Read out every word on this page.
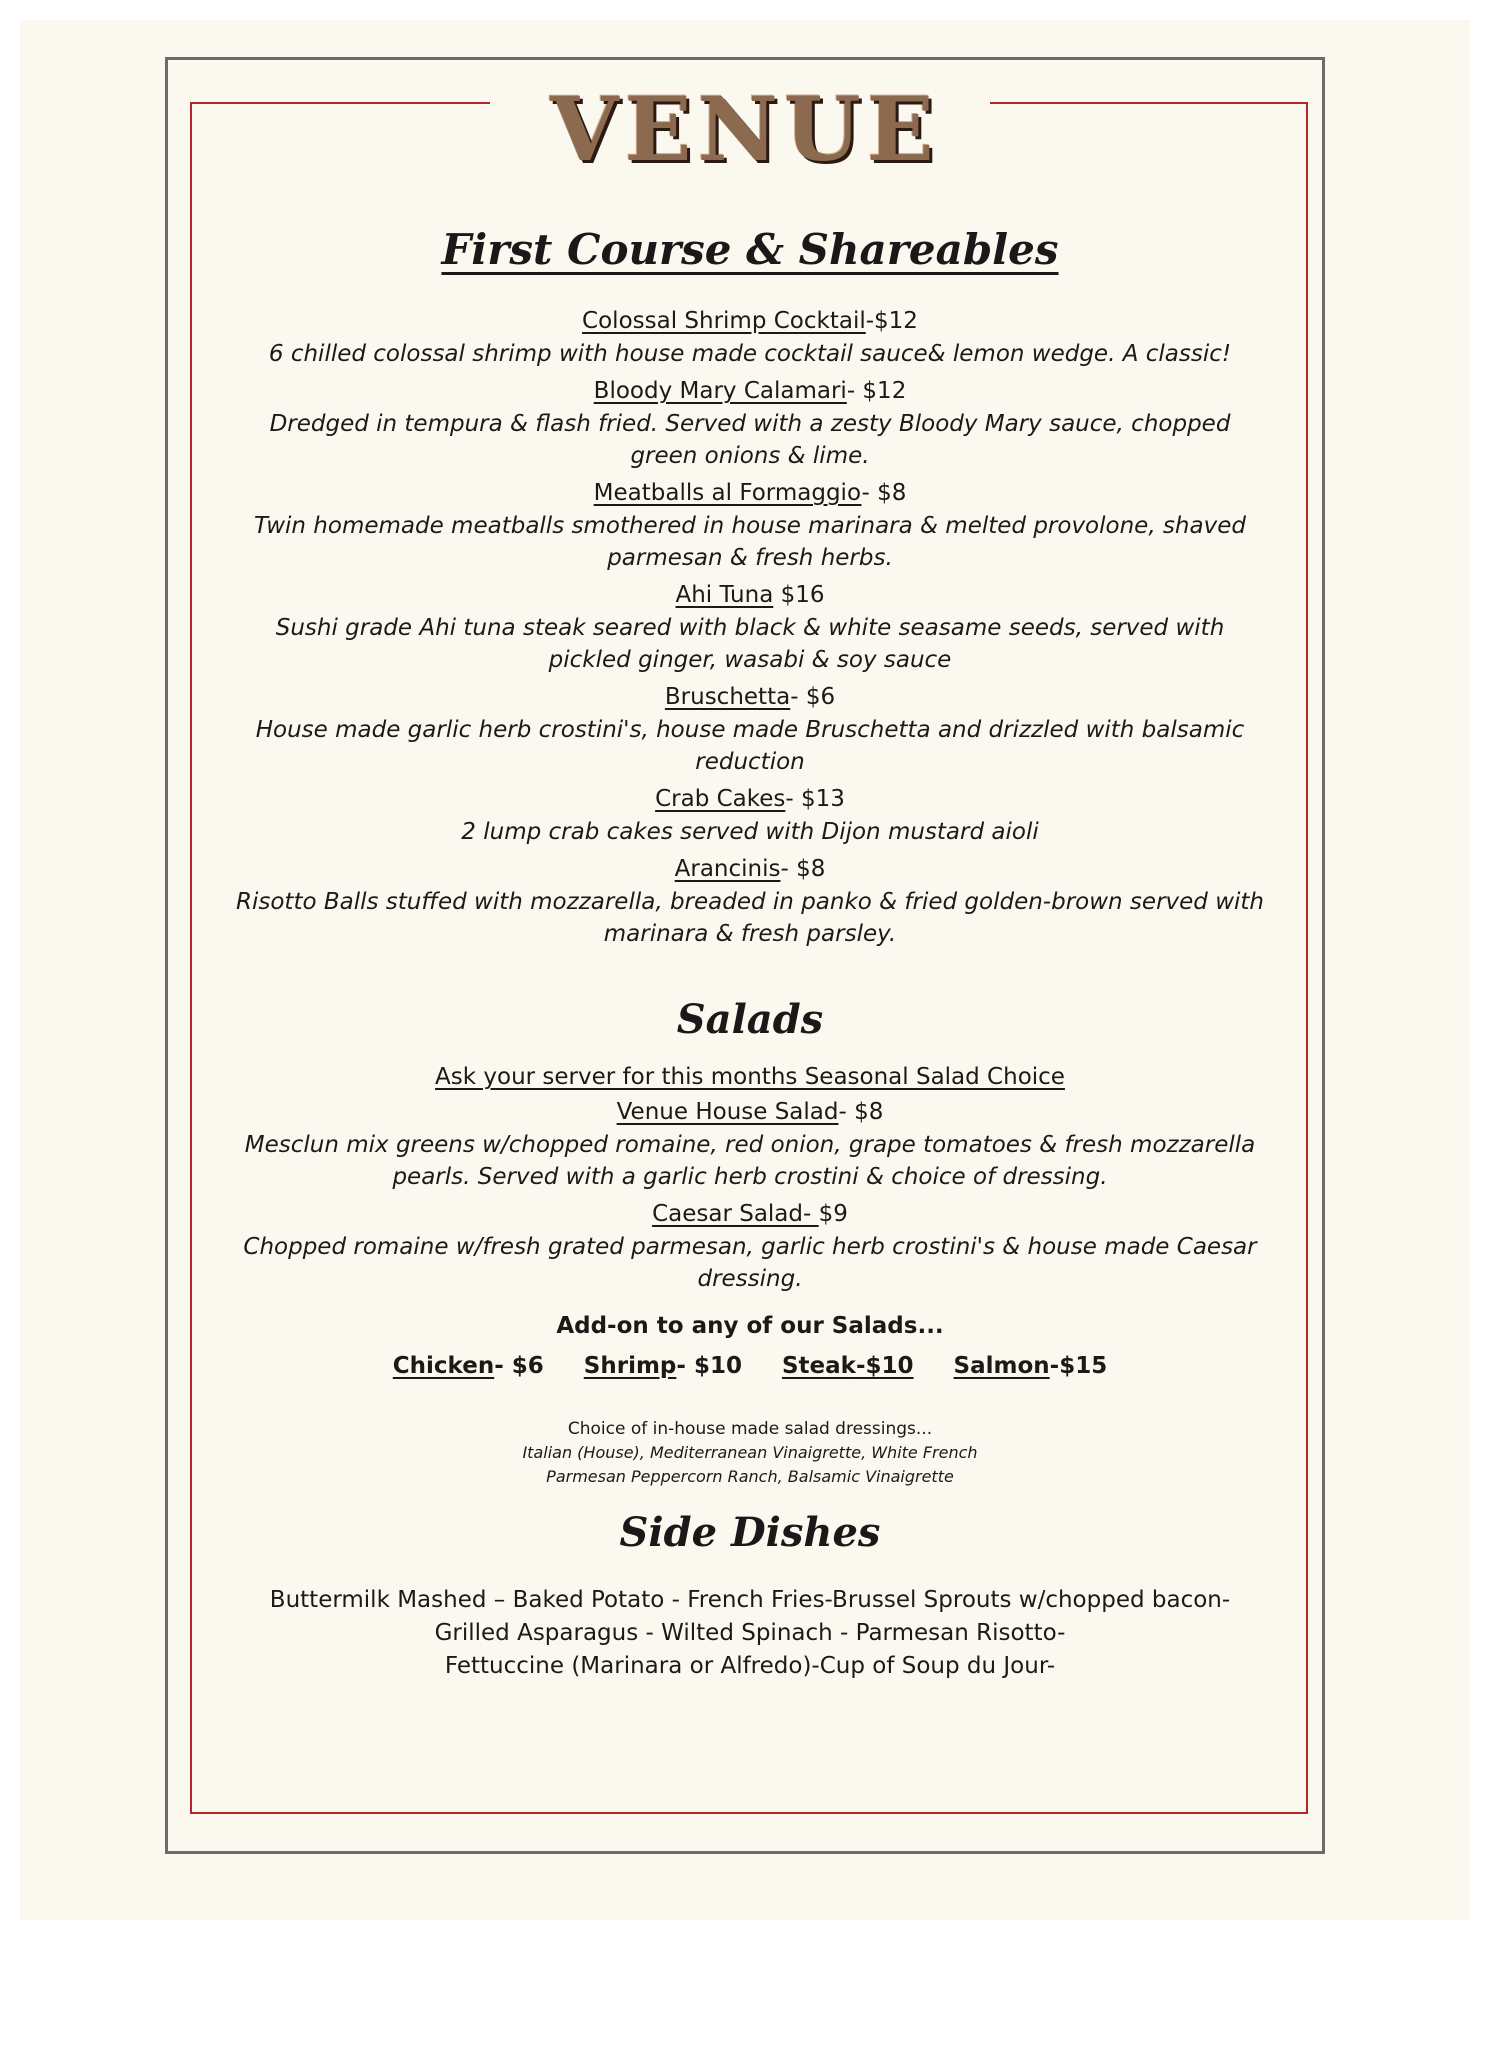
VENUE
First Course & Shareables

Colossal Shrimp Cocktail-$12

6 chilled colossal shrimp with house made cocktail sauce& lemon wedge. A classic!

Bloody Mary Calamari- $12

Dredged in tempura & flash fried. Served with a zesty Bloody Mary sauce, chopped green onions & lime.

Meatballs al Formaggio- $8

Twin homemade meatballs smothered in house marinara & melted provolone, shaved parmesan & fresh herbs.

Ahi Tuna $16

Sushi grade Ahi tuna steak seared with black & white seasame seeds, served with pickled ginger, wasabi & soy sauce

Bruschetta- $6

House made garlic herb crostini's, house made Bruschetta and drizzled with balsamic reduction

Crab Cakes- $13

2 lump crab cakes served with Dijon mustard aioli

Arancinis- $8

Risotto Balls stuffed with mozzarella, breaded in panko & fried golden-brown served with marinara & fresh parsley.

Salads

Ask your server for this months Seasonal Salad Choice

Venue House Salad- $8

Mesclun mix greens w/chopped romaine, red onion, grape tomatoes & fresh mozzarella pearls. Served with a garlic herb crostini & choice of dressing.

Caesar Salad- $9

Chopped romaine w/fresh grated parmesan, garlic herb crostini's & house made Caesar dressing.

Add-on to any of our Salads...

Chicken- $6 Shrimp- $10 Steak-$10 Salmon-$15

Choice of in-house made salad dressings...

Italian (House), Mediterranean Vinaigrette, White French

Parmesan Peppercorn Ranch, Balsamic Vinaigrette

Side Dishes

Buttermilk Mashed – Baked Potato - French Fries-Brussel Sprouts w/chopped bacon-

Grilled Asparagus - Wilted Spinach - Parmesan Risotto-

Fettuccine (Marinara or Alfredo)-Cup of Soup du Jour-
